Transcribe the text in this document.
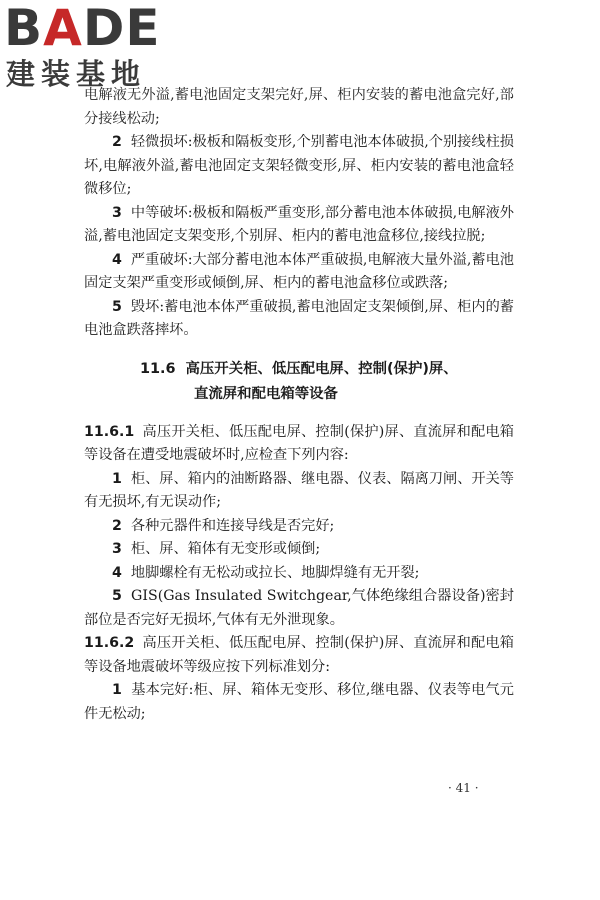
BADE
建装基地

电解液无外溢,蓄电池固定支架完好,屏、柜内安装的蓄电池盒完好,部分接线松动;

2 轻微损坏:极板和隔板变形,个别蓄电池本体破损,个别接线柱损坏,电解液外溢,蓄电池固定支架轻微变形,屏、柜内安装的蓄电池盒轻微移位;

3 中等破坏:极板和隔板严重变形,部分蓄电池本体破损,电解液外溢,蓄电池固定支架变形,个别屏、柜内的蓄电池盒移位,接线拉脱;

4 严重破坏:大部分蓄电池本体严重破损,电解液大量外溢,蓄电池固定支架严重变形或倾倒,屏、柜内的蓄电池盒移位或跌落;

5 毁坏:蓄电池本体严重破损,蓄电池固定支架倾倒,屏、柜内的蓄电池盒跌落摔坏。

11.6 高压开关柜、低压配电屏、控制(保护)屏、
直流屏和配电箱等设备

11.6.1 高压开关柜、低压配电屏、控制(保护)屏、直流屏和配电箱等设备在遭受地震破坏时,应检查下列内容:

1 柜、屏、箱内的油断路器、继电器、仪表、隔离刀闸、开关等有无损坏,有无误动作;

2 各种元器件和连接导线是否完好;

3 柜、屏、箱体有无变形或倾倒;

4 地脚螺栓有无松动或拉长、地脚焊缝有无开裂;

5 GIS(Gas Insulated Switchgear,气体绝缘组合器设备)密封部位是否完好无损坏,气体有无外泄现象。

11.6.2 高压开关柜、低压配电屏、控制(保护)屏、直流屏和配电箱等设备地震破坏等级应按下列标准划分:

1 基本完好:柜、屏、箱体无变形、移位,继电器、仪表等电气元件无松动;

· 41 ·
